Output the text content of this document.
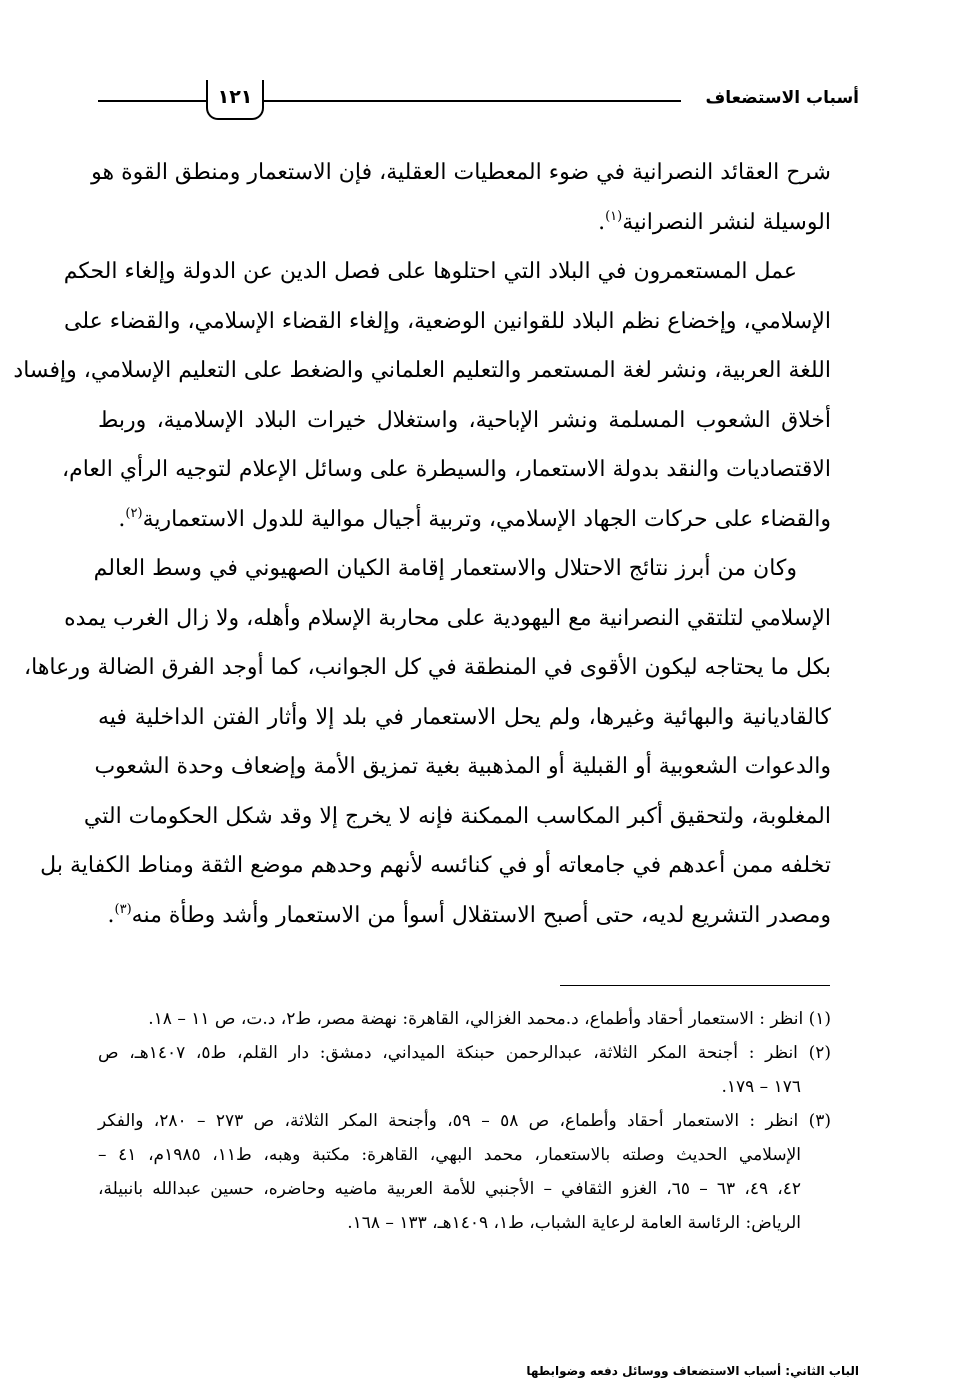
أسباب الاستضعاف
١٢١

شرح العقائد النصرانية في ضوء المعطيات العقلية، فإن الاستعمار ومنطق القوة هو
الوسيلة لنشر النصرانية$^{(١)}$.

عمل المستعمرون في البلاد التي احتلوها على فصل الدين عن الدولة وإلغاء الحكم
الإسلامي، وإخضاع نظم البلاد للقوانين الوضعية، وإلغاء القضاء الإسلامي، والقضاء على
اللغة العربية، ونشر لغة المستعمر والتعليم العلماني والضغط على التعليم الإسلامي، وإفساد
أخلاق الشعوب المسلمة ونشر الإباحية، واستغلال خيرات البلاد الإسلامية، وربط
الاقتصاديات والنقد بدولة الاستعمار، والسيطرة على وسائل الإعلام لتوجيه الرأي العام،
والقضاء على حركات الجهاد الإسلامي، وتربية أجيال موالية للدول الاستعمارية$^{(٢)}$.

وكان من أبرز نتائج الاحتلال والاستعمار إقامة الكيان الصهيوني في وسط العالم
الإسلامي لتلتقي النصرانية مع اليهودية على محاربة الإسلام وأهله، ولا زال الغرب يمده
بكل ما يحتاجه ليكون الأقوى في المنطقة في كل الجوانب، كما أوجد الفرق الضالة ورعاها،
كالقاديانية والبهائية وغيرها، ولم يحل الاستعمار في بلد إلا وأثار الفتن الداخلية فيه
والدعوات الشعوبية أو القبلية أو المذهبية بغية تمزيق الأمة وإضعاف وحدة الشعوب
المغلوبة، ولتحقيق أكبر المكاسب الممكنة فإنه لا يخرج إلا وقد شكل الحكومات التي
تخلفه ممن أعدهم في جامعاته أو في كنائسه لأنهم وحدهم موضع الثقة ومناط الكفاية بل
ومصدر التشريع لديه، حتى أصبح الاستقلال أسوأ من الاستعمار وأشد وطأة منه$^{(٣)}$.

(١) انظر : الاستعمار أحقاد وأطماع، د.محمد الغزالي، القاهرة: نهضة مصر، ط٢، د.ت، ص ١١ – ١٨.
(٢) انظر : أجنحة المكر الثلاثة، عبدالرحمن حبنكة الميداني، دمشق: دار القلم، ط٥، ١٤٠٧هـ، ص
١٧٦ – ١٧٩.
(٣) انظر : الاستعمار أحقاد وأطماع، ص ٥٨ – ٥٩، وأجنحة المكر الثلاثة، ص ٢٧٣ – ٢٨٠، والفكر
الإسلامي الحديث وصلته بالاستعمار، محمد البهي، القاهرة: مكتبة وهبه، ط١١، ١٩٨٥م، ٤١ –
٤٢، ٤٩، ٦٣ – ٦٥، الغزو الثقافي – الأجنبي للأمة العربية ماضيه وحاضره، حسين عبدالله بانبيلة،
الرياض: الرئاسة العامة لرعاية الشباب، ط١، ١٤٠٩هـ، ١٣٣ – ١٦٨.
الباب الثاني: أسباب الاستضعاف ووسائل دفعه وضوابطها
